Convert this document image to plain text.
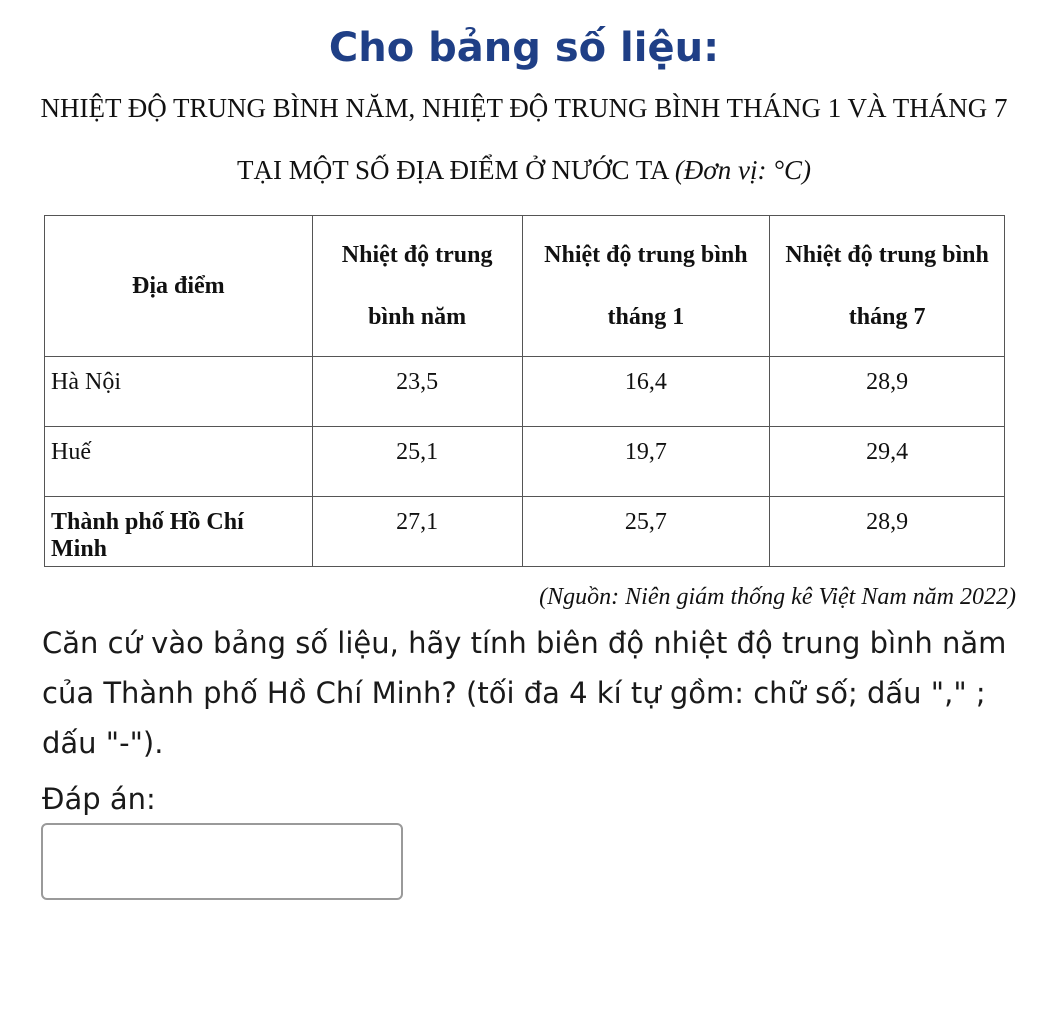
Cho bảng số liệu:
NHIỆT ĐỘ TRUNG BÌNH NĂM, NHIỆT ĐỘ TRUNG BÌNH THÁNG 1 VÀ THÁNG 7
TẠI MỘT SỐ ĐỊA ĐIỂM Ở NƯỚC TA (Đơn vị: °C)
Địa điểm	Nhiệt độ trung bình năm	Nhiệt độ trung bình tháng 1	Nhiệt độ trung bình tháng 7
Hà Nội	23,5	16,4	28,9
Huế	25,1	19,7	29,4
Thành phố Hồ Chí Minh	27,1	25,7	28,9
(Nguồn: Niên giám thống kê Việt Nam năm 2022)
Căn cứ vào bảng số liệu, hãy tính biên độ nhiệt độ trung bình năm của Thành phố Hồ Chí Minh? (tối đa 4 kí tự gồm: chữ số; dấu "," ; dấu "-").
Đáp án:
